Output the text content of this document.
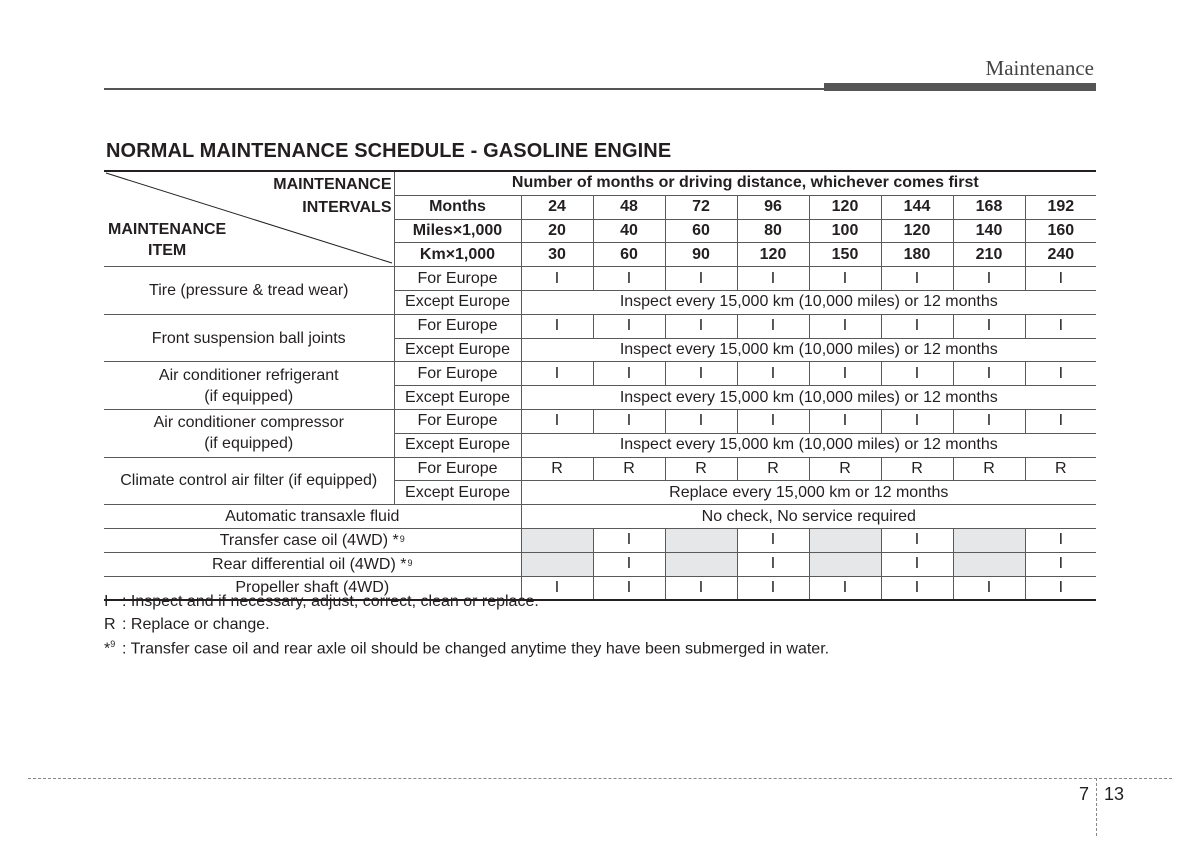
Maintenance
NORMAL MAINTENANCE SCHEDULE - GASOLINE ENGINE
MAINTENANCE
INTERVALS
MAINTENANCE
ITEM	Number of months or driving distance, whichever comes first								
	Months	24	48	72	96	120	144	168	192
	Miles×1,000	20	40	60	80	100	120	140	160
	Km×1,000	30	60	90	120	150	180	210	240
Tire (pressure & tread wear)	For Europe	I	I	I	I	I	I	I	I
	Except Europe	Inspect every 15,000 km (10,000 miles) or 12 months							
Front suspension ball joints	For Europe	I	I	I	I	I	I	I	I
	Except Europe	Inspect every 15,000 km (10,000 miles) or 12 months							

Air conditioner refrigerant
(if equipped)	For Europe	I	I	I	I	I	I	I	I
	Except Europe	Inspect every 15,000 km (10,000 miles) or 12 months							

Air conditioner compressor
(if equipped)	For Europe	I	I	I	I	I	I	I	I
	Except Europe	Inspect every 15,000 km (10,000 miles) or 12 months							
Climate control air filter (if equipped)	For Europe	R	R	R	R	R	R	R	R
	Except Europe	Replace every 15,000 km or 12 months							
Automatic transaxle fluid		No check, No service required							
Transfer case oil (4WD) *$^9$			I		I		I		I
Rear differential oil (4WD) *$^9$			I		I		I		I
Propeller shaft (4WD)		I	I	I	I	I	I	I	I
I : Inspect and if necessary, adjust, correct, clean or replace.
R : Replace or change.
*$^9$ : Transfer case oil and rear axle oil should be changed anytime they have been submerged in water.
7 13
